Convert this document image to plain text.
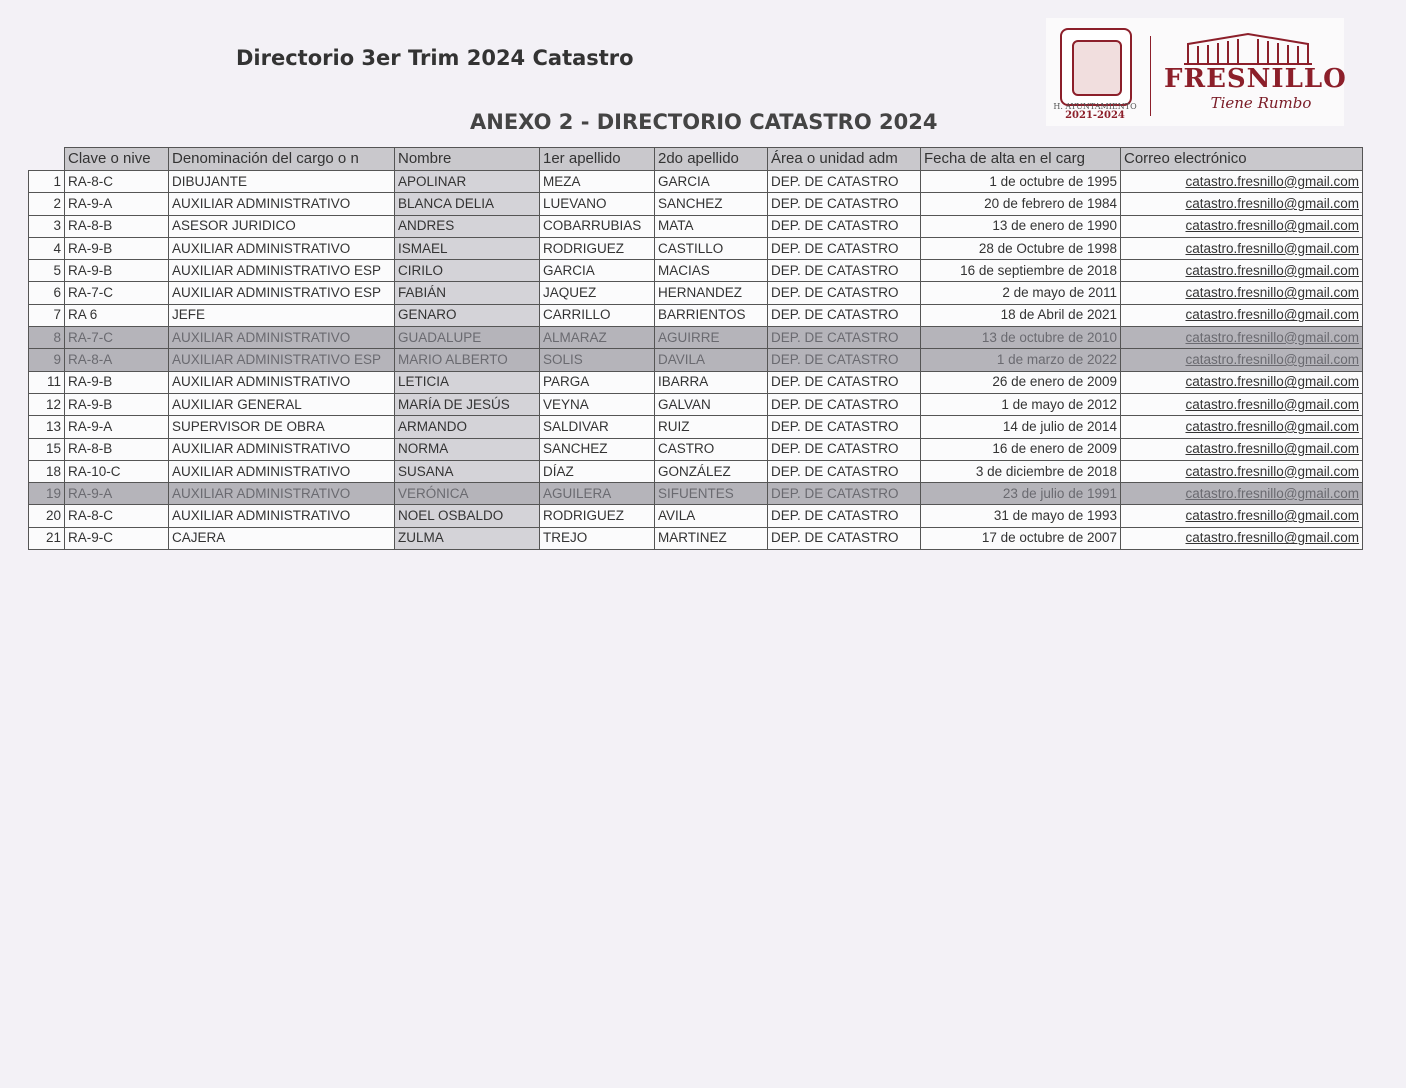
Directorio 3er Trim 2024 Catastro
ANEXO 2 - DIRECTORIO CATASTRO 2024
H. AYUNTAMIENTO
2021-2024
FRESNILLO
Tiene Rumbo
	Clave o nive	Denominación del cargo o n	Nombre	1er apellido	2do apellido	Área o unidad adm	Fecha de alta en el carg	Correo electrónico
1	RA-8-C	DIBUJANTE	APOLINAR	MEZA	GARCIA	DEP. DE CATASTRO	1 de octubre de 1995	catastro.fresnillo@gmail.com
2	RA-9-A	AUXILIAR ADMINISTRATIVO	BLANCA DELIA	LUEVANO	SANCHEZ	DEP. DE CATASTRO	20 de febrero de 1984	catastro.fresnillo@gmail.com
3	RA-8-B	ASESOR JURIDICO	ANDRES	COBARRUBIAS	MATA	DEP. DE CATASTRO	13 de enero de 1990	catastro.fresnillo@gmail.com
4	RA-9-B	AUXILIAR ADMINISTRATIVO	ISMAEL	RODRIGUEZ	CASTILLO	DEP. DE CATASTRO	28 de Octubre de 1998	catastro.fresnillo@gmail.com
5	RA-9-B	AUXILIAR ADMINISTRATIVO ESP	CIRILO	GARCIA	MACIAS	DEP. DE CATASTRO	16 de septiembre de 2018	catastro.fresnillo@gmail.com
6	RA-7-C	AUXILIAR ADMINISTRATIVO ESP	FABIÁN	JAQUEZ	HERNANDEZ	DEP. DE CATASTRO	2 de mayo de 2011	catastro.fresnillo@gmail.com
7	RA 6	JEFE	GENARO	CARRILLO	BARRIENTOS	DEP. DE CATASTRO	18 de Abril de 2021	catastro.fresnillo@gmail.com
8	RA-7-C	AUXILIAR ADMINISTRATIVO	GUADALUPE	ALMARAZ	AGUIRRE	DEP. DE CATASTRO	13 de octubre de 2010	catastro.fresnillo@gmail.com
9	RA-8-A	AUXILIAR ADMINISTRATIVO ESP	MARIO ALBERTO	SOLIS	DAVILA	DEP. DE CATASTRO	1 de marzo de 2022	catastro.fresnillo@gmail.com
11	RA-9-B	AUXILIAR ADMINISTRATIVO	LETICIA	PARGA	IBARRA	DEP. DE CATASTRO	26 de enero de 2009	catastro.fresnillo@gmail.com
12	RA-9-B	AUXILIAR GENERAL	MARÍA DE JESÚS	VEYNA	GALVAN	DEP. DE CATASTRO	1 de mayo de 2012	catastro.fresnillo@gmail.com
13	RA-9-A	SUPERVISOR DE OBRA	ARMANDO	SALDIVAR	RUIZ	DEP. DE CATASTRO	14 de julio de 2014	catastro.fresnillo@gmail.com
15	RA-8-B	AUXILIAR ADMINISTRATIVO	NORMA	SANCHEZ	CASTRO	DEP. DE CATASTRO	16 de enero de 2009	catastro.fresnillo@gmail.com
18	RA-10-C	AUXILIAR ADMINISTRATIVO	SUSANA	DÍAZ	GONZÁLEZ	DEP. DE CATASTRO	3 de diciembre de 2018	catastro.fresnillo@gmail.com
19	RA-9-A	AUXILIAR ADMINISTRATIVO	VERÓNICA	AGUILERA	SIFUENTES	DEP. DE CATASTRO	23 de julio de 1991	catastro.fresnillo@gmail.com
20	RA-8-C	AUXILIAR ADMINISTRATIVO	NOEL OSBALDO	RODRIGUEZ	AVILA	DEP. DE CATASTRO	31 de mayo de 1993	catastro.fresnillo@gmail.com
21	RA-9-C	CAJERA	ZULMA	TREJO	MARTINEZ	DEP. DE CATASTRO	17 de octubre de 2007	catastro.fresnillo@gmail.com
